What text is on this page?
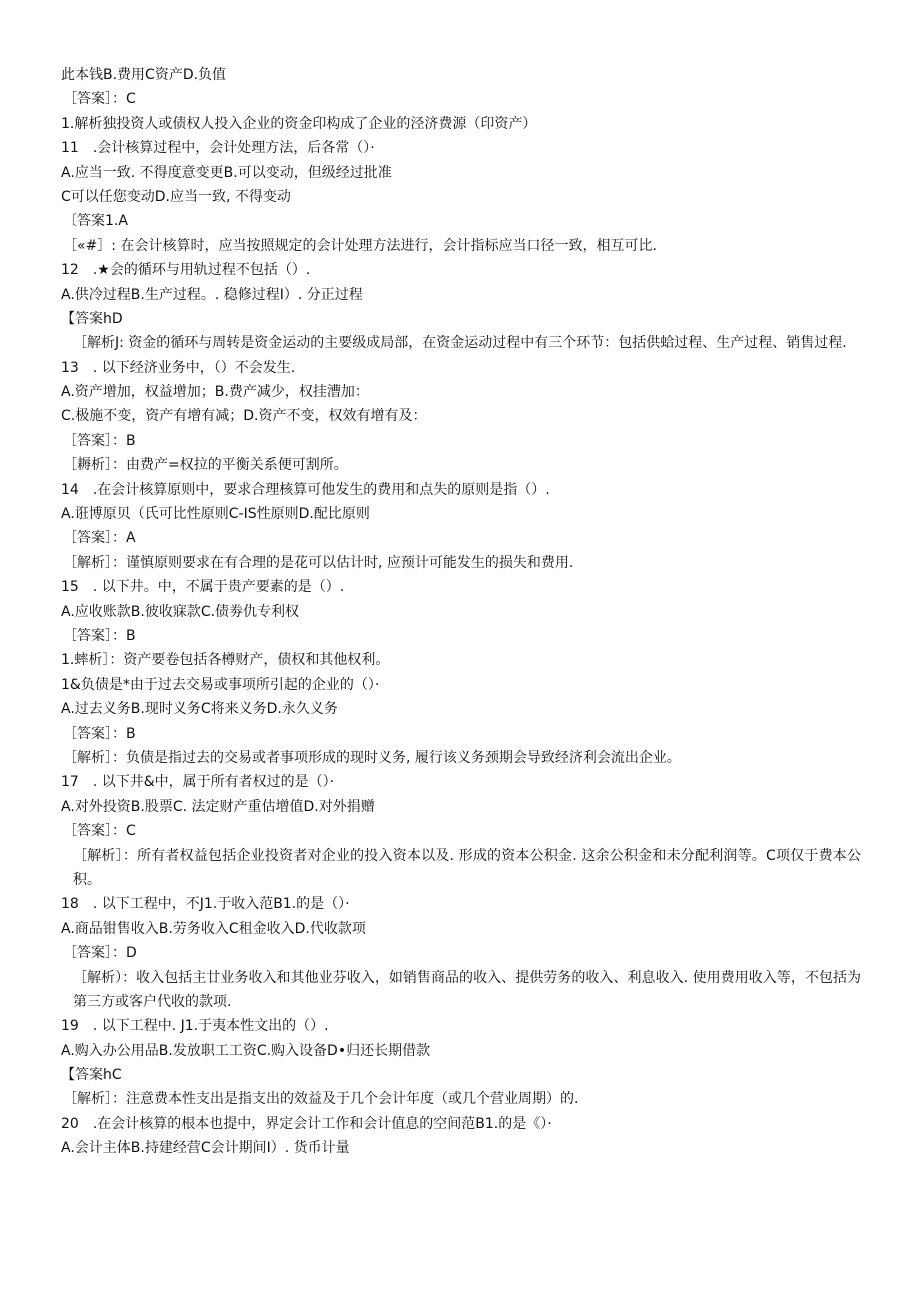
此本钱B.费用C资产D.负值
［答案］：C
1.解析独投资人或债权人投入企业的资金印构成了企业的泾济费源（印资产）
11　.会计核算过程中，会计处理方法，后各常（）·
A.应当一致. 不得度意变更B.可以变动，但级经过批准
C可以任您变动D.应当一致, 不得变动
〔答案1.A
［«#］: 在会计核算时，应当按照规定的会计处理方法进行，会计指标应当口径一致，相互可比.
12　.★会的循环与用轨过程不包括（）.
A.供冷过程B.生产过程。. 稳修过程I）. 分正过程
【答案hD
［解析J: 资金的循环与周转是资金运动的主要级成局部，在资金运动过程中有三个环节：包括供蛤过程、生产过程、销售过程.
13　. 以下经济业务中，（）不会发生.
A.资产增加，权益增加；B.费产减少，权挂漕加：
C.极施不变，资产有增有减；D.资产不变，权效有增有及：
［答案］：B
［耨析］：由费产=权拉的平衡关系便可割所。
14　.在会计核算原则中，要求合理核算可他发生的费用和点失的原则是指（）.
A.诳博原贝（氏可比性原则C-IS性原则D.配比原则
［答案］：A
［解析］：谨慎原则要求在有合理的是花可以估计时, 应预计可能发生的损失和费用.
15　. 以下井。中，不属于贵产要素的是（）.
A.应收账款B.彼收寐款C.债劵仇专利权
［答案］：B
1.蟀析］：资产要卷包括各樽财产，债权和其他权利。
1&负债是*由于过去交易或事项所引起的企业的（）·
A.过去义务B.现时义务C将来义务D.永久义务
［答案］：B
［解析］：负债是指过去的交易或者事项形成的现时义务, 履行该义务颈期会导致经济利会流出企业。
17　. 以下井&中，属于所有者权过的是（）·
A.对外投资B.股票C. 法定财产重估增值D.对外捐赠
［答案］：C
［解析］：所有者权益包括企业投资者对企业的投入资本以及. 形成的资本公积金. 这余公积金和未分配利润等。C项仅于费本公积。
18　. 以下工程中，不J1.于收入范B1.的是（）·
A.商品钳售收入B.劳务收入C租金收入D.代收款项
［答案］：D
［解析）：收入包括主廿业务收入和其他业芬收入，如销售商品的收入、提供劳务的收入、利息收入. 使用费用收入等，不包括为第三方或客户代收的款项.
19　. 以下工程中. J1.于夷本性文出的（）.
A.购入办公用品B.发放职工工资C.购入设备D•归还长期借款
【答案hC
［解析］：注意费本性支出是指支出的效益及于几个会计年度（或几个营业周期）的.
20　.在会计核算的根本也提中，界定会计工作和会计值息的空间范B1.的是《）·
A.会计主体B.持建经营C会计期间I）. 货币计量
